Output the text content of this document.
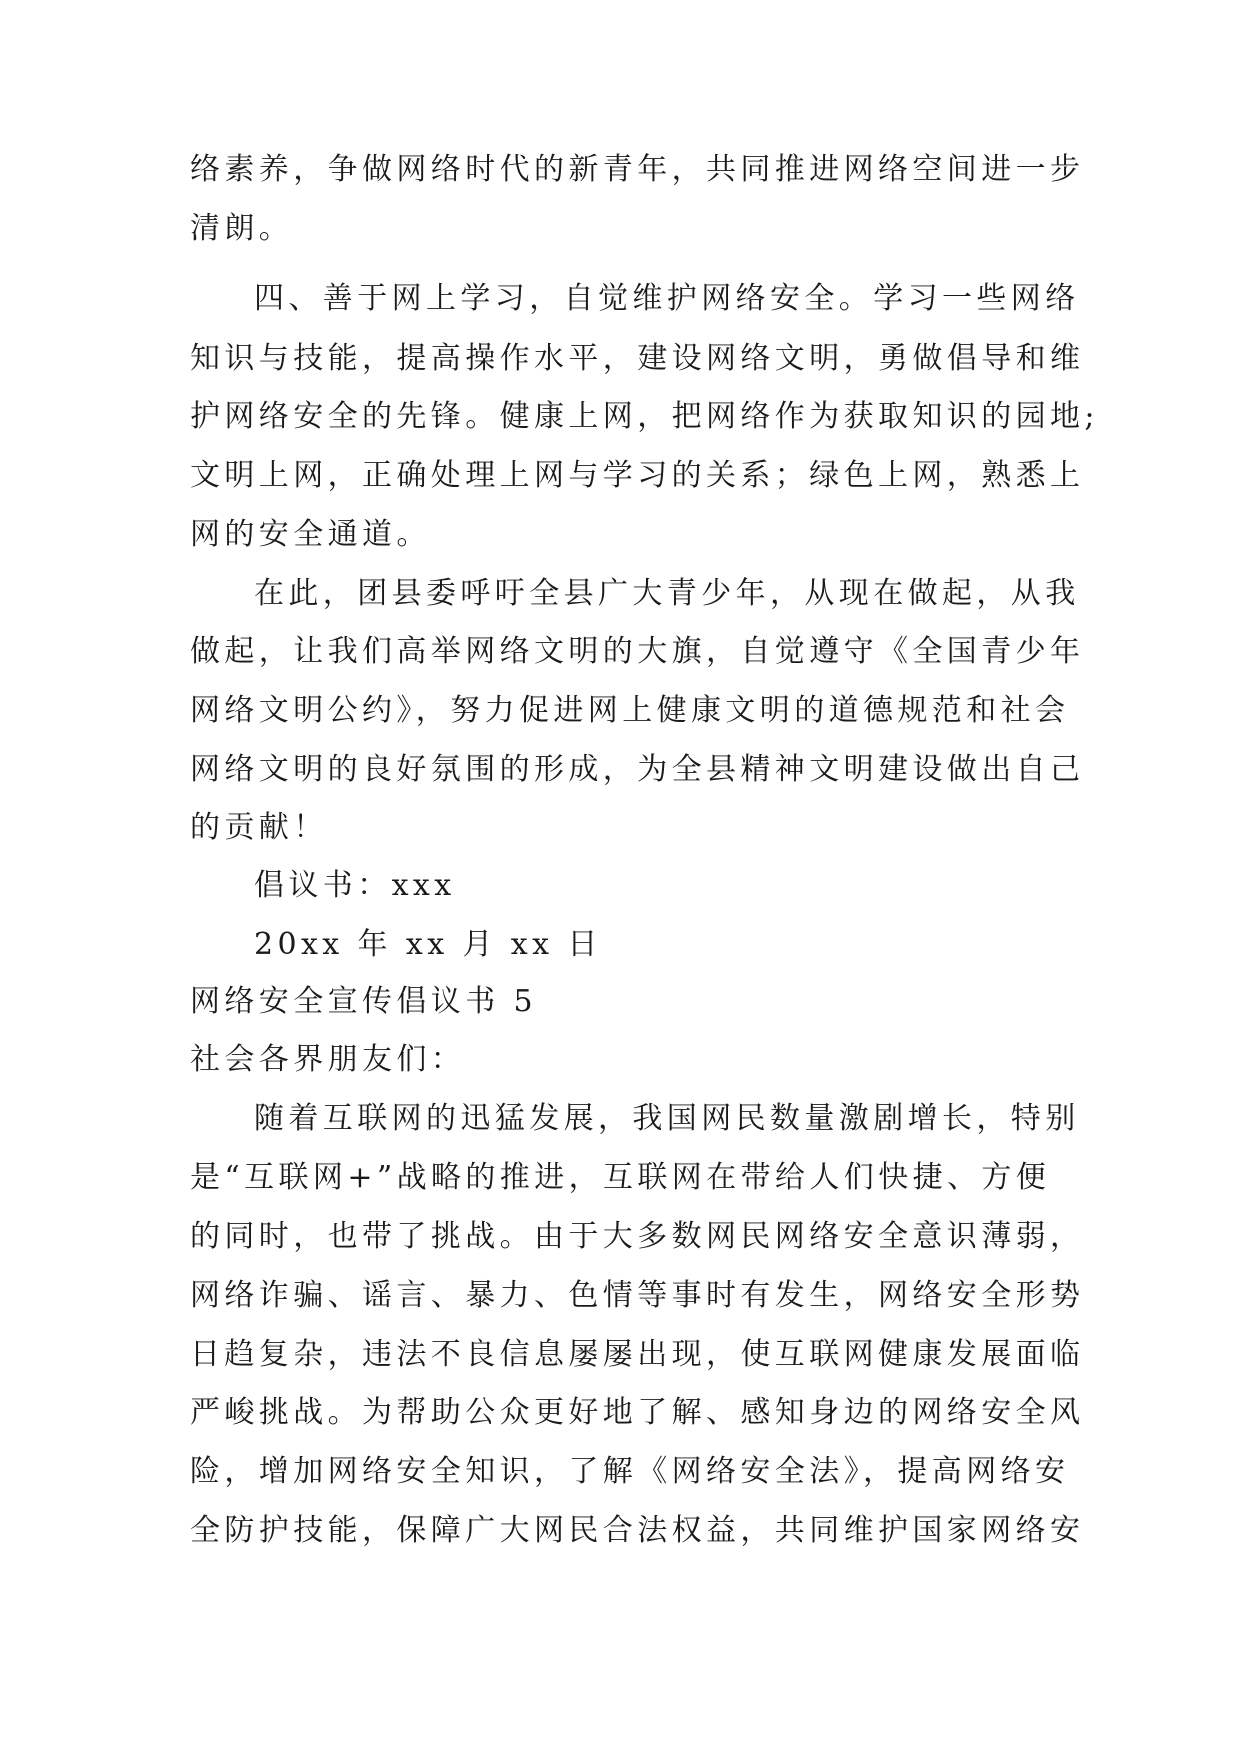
络素养，争做网络时代的新青年，共同推进网络空间进一步
清朗。
四、善于网上学习，自觉维护网络安全。学习一些网络
知识与技能，提高操作水平，建设网络文明，勇做倡导和维
护网络安全的先锋。健康上网，把网络作为获取知识的园地;
文明上网，正确处理上网与学习的关系；绿色上网，熟悉上
网的安全通道。
在此，团县委呼吁全县广大青少年，从现在做起，从我
做起，让我们高举网络文明的大旗，自觉遵守《全国青少年
网络文明公约》，努力促进网上健康文明的道德规范和社会
网络文明的良好氛围的形成，为全县精神文明建设做出自己
的贡献！
倡议书：xxx
20xx 年 xx 月 xx 日
网络安全宣传倡议书 5
社会各界朋友们：
随着互联网的迅猛发展，我国网民数量激剧增长，特别
是“互联网+”战略的推进，互联网在带给人们快捷、方便
的同时，也带了挑战。由于大多数网民网络安全意识薄弱，
网络诈骗、谣言、暴力、色情等事时有发生，网络安全形势
日趋复杂，违法不良信息屡屡出现，使互联网健康发展面临
严峻挑战。为帮助公众更好地了解、感知身边的网络安全风
险，增加网络安全知识，了解《网络安全法》，提高网络安
全防护技能，保障广大网民合法权益，共同维护国家网络安
